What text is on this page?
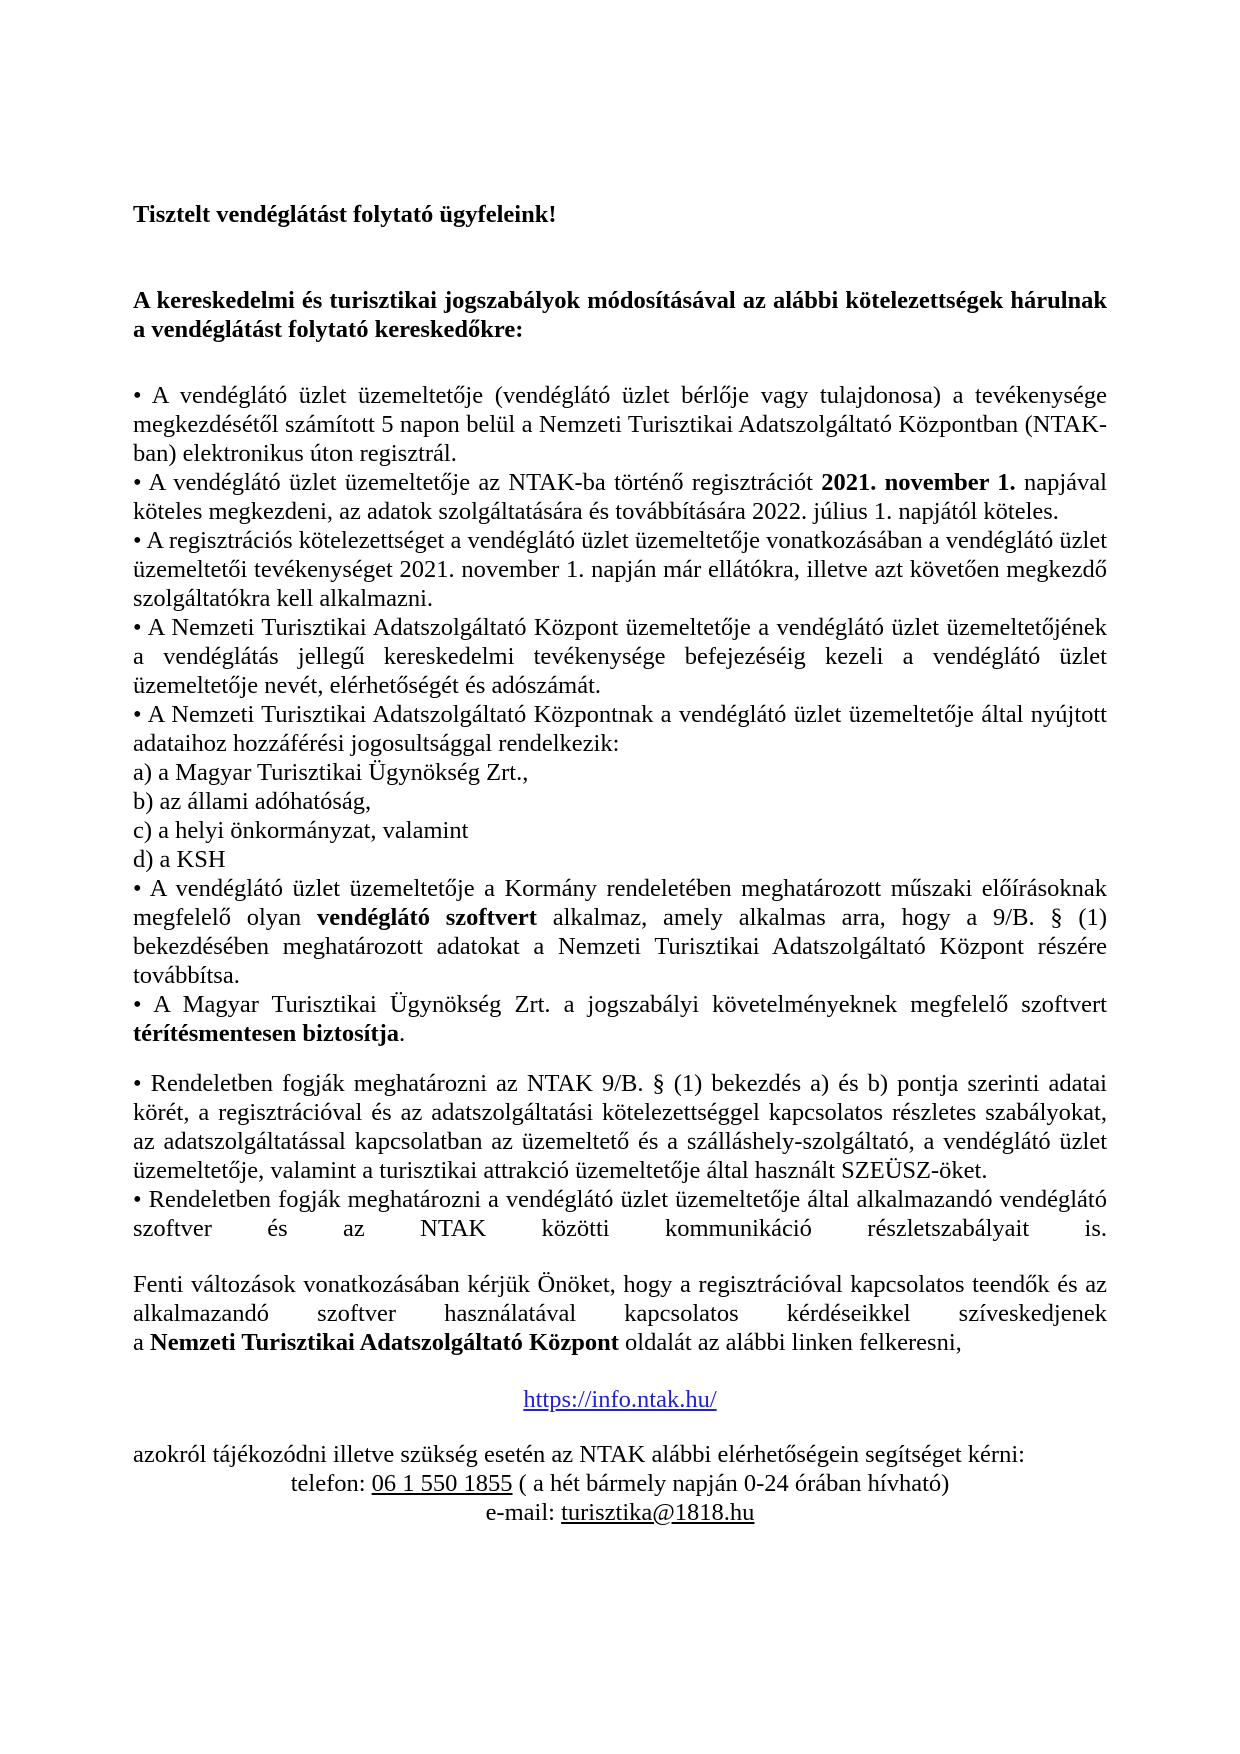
Tisztelt vendéglátást folytató ügyfeleink!

A kereskedelmi és turisztikai jogszabályok módosításával az alábbi kötelezettségek hárulnak a vendéglátást folytató kereskedőkre:

• A vendéglátó üzlet üzemeltetője (vendéglátó üzlet bérlője vagy tulajdonosa) a tevékenysége megkezdésétől számított 5 napon belül a Nemzeti Turisztikai Adatszolgáltató Központban (NTAK-ban) elektronikus úton regisztrál.

• A vendéglátó üzlet üzemeltetője az NTAK-ba történő regisztrációt 2021. november 1. napjával köteles megkezdeni, az adatok szolgáltatására és továbbítására 2022. július 1. napjától köteles.

• A regisztrációs kötelezettséget a vendéglátó üzlet üzemeltetője vonatkozásában a vendéglátó üzlet üzemeltetői tevékenységet 2021. november 1. napján már ellátókra, illetve azt követően megkezdő szolgáltatókra kell alkalmazni.

• A Nemzeti Turisztikai Adatszolgáltató Központ üzemeltetője a vendéglátó üzlet üzemeltetőjének a vendéglátás jellegű kereskedelmi tevékenysége befejezéséig kezeli a vendéglátó üzlet üzemeltetője nevét, elérhetőségét és adószámát.

• A Nemzeti Turisztikai Adatszolgáltató Központnak a vendéglátó üzlet üzemeltetője által nyújtott adataihoz hozzáférési jogosultsággal rendelkezik:

a) a Magyar Turisztikai Ügynökség Zrt.,

b) az állami adóhatóság,

c) a helyi önkormányzat, valamint

d) a KSH

• A vendéglátó üzlet üzemeltetője a Kormány rendeletében meghatározott műszaki előírásoknak megfelelő olyan vendéglátó szoftvert alkalmaz, amely alkalmas arra, hogy a 9/B. § (1) bekezdésében meghatározott adatokat a Nemzeti Turisztikai Adatszolgáltató Központ részére továbbítsa.

• A Magyar Turisztikai Ügynökség Zrt. a jogszabályi követelményeknek megfelelő szoftvert térítésmentesen biztosítja.

• Rendeletben fogják meghatározni az NTAK 9/B. § (1) bekezdés a) és b) pontja szerinti adatai körét, a regisztrációval és az adatszolgáltatási kötelezettséggel kapcsolatos részletes szabályokat, az adatszolgáltatással kapcsolatban az üzemeltető és a szálláshely-szolgáltató, a vendéglátó üzlet üzemeltetője, valamint a turisztikai attrakció üzemeltetője által használt SZEÜSZ-öket.

• Rendeletben fogják meghatározni a vendéglátó üzlet üzemeltetője által alkalmazandó vendéglátó szoftver és az NTAK közötti kommunikáció részletszabályait is.

Fenti változások vonatkozásában kérjük Önöket, hogy a regisztrációval kapcsolatos teendők és az alkalmazandó szoftver használatával kapcsolatos kérdéseikkel szíveskedjenek

a Nemzeti Turisztikai Adatszolgáltató Központ oldalát az alábbi linken felkeresni,

https://info.ntak.hu/

azokról tájékozódni illetve szükség esetén az NTAK alábbi elérhetőségein segítséget kérni:

telefon: 06 1 550 1855 ( a hét bármely napján 0-24 órában hívható)

e-mail: turisztika@1818.hu
